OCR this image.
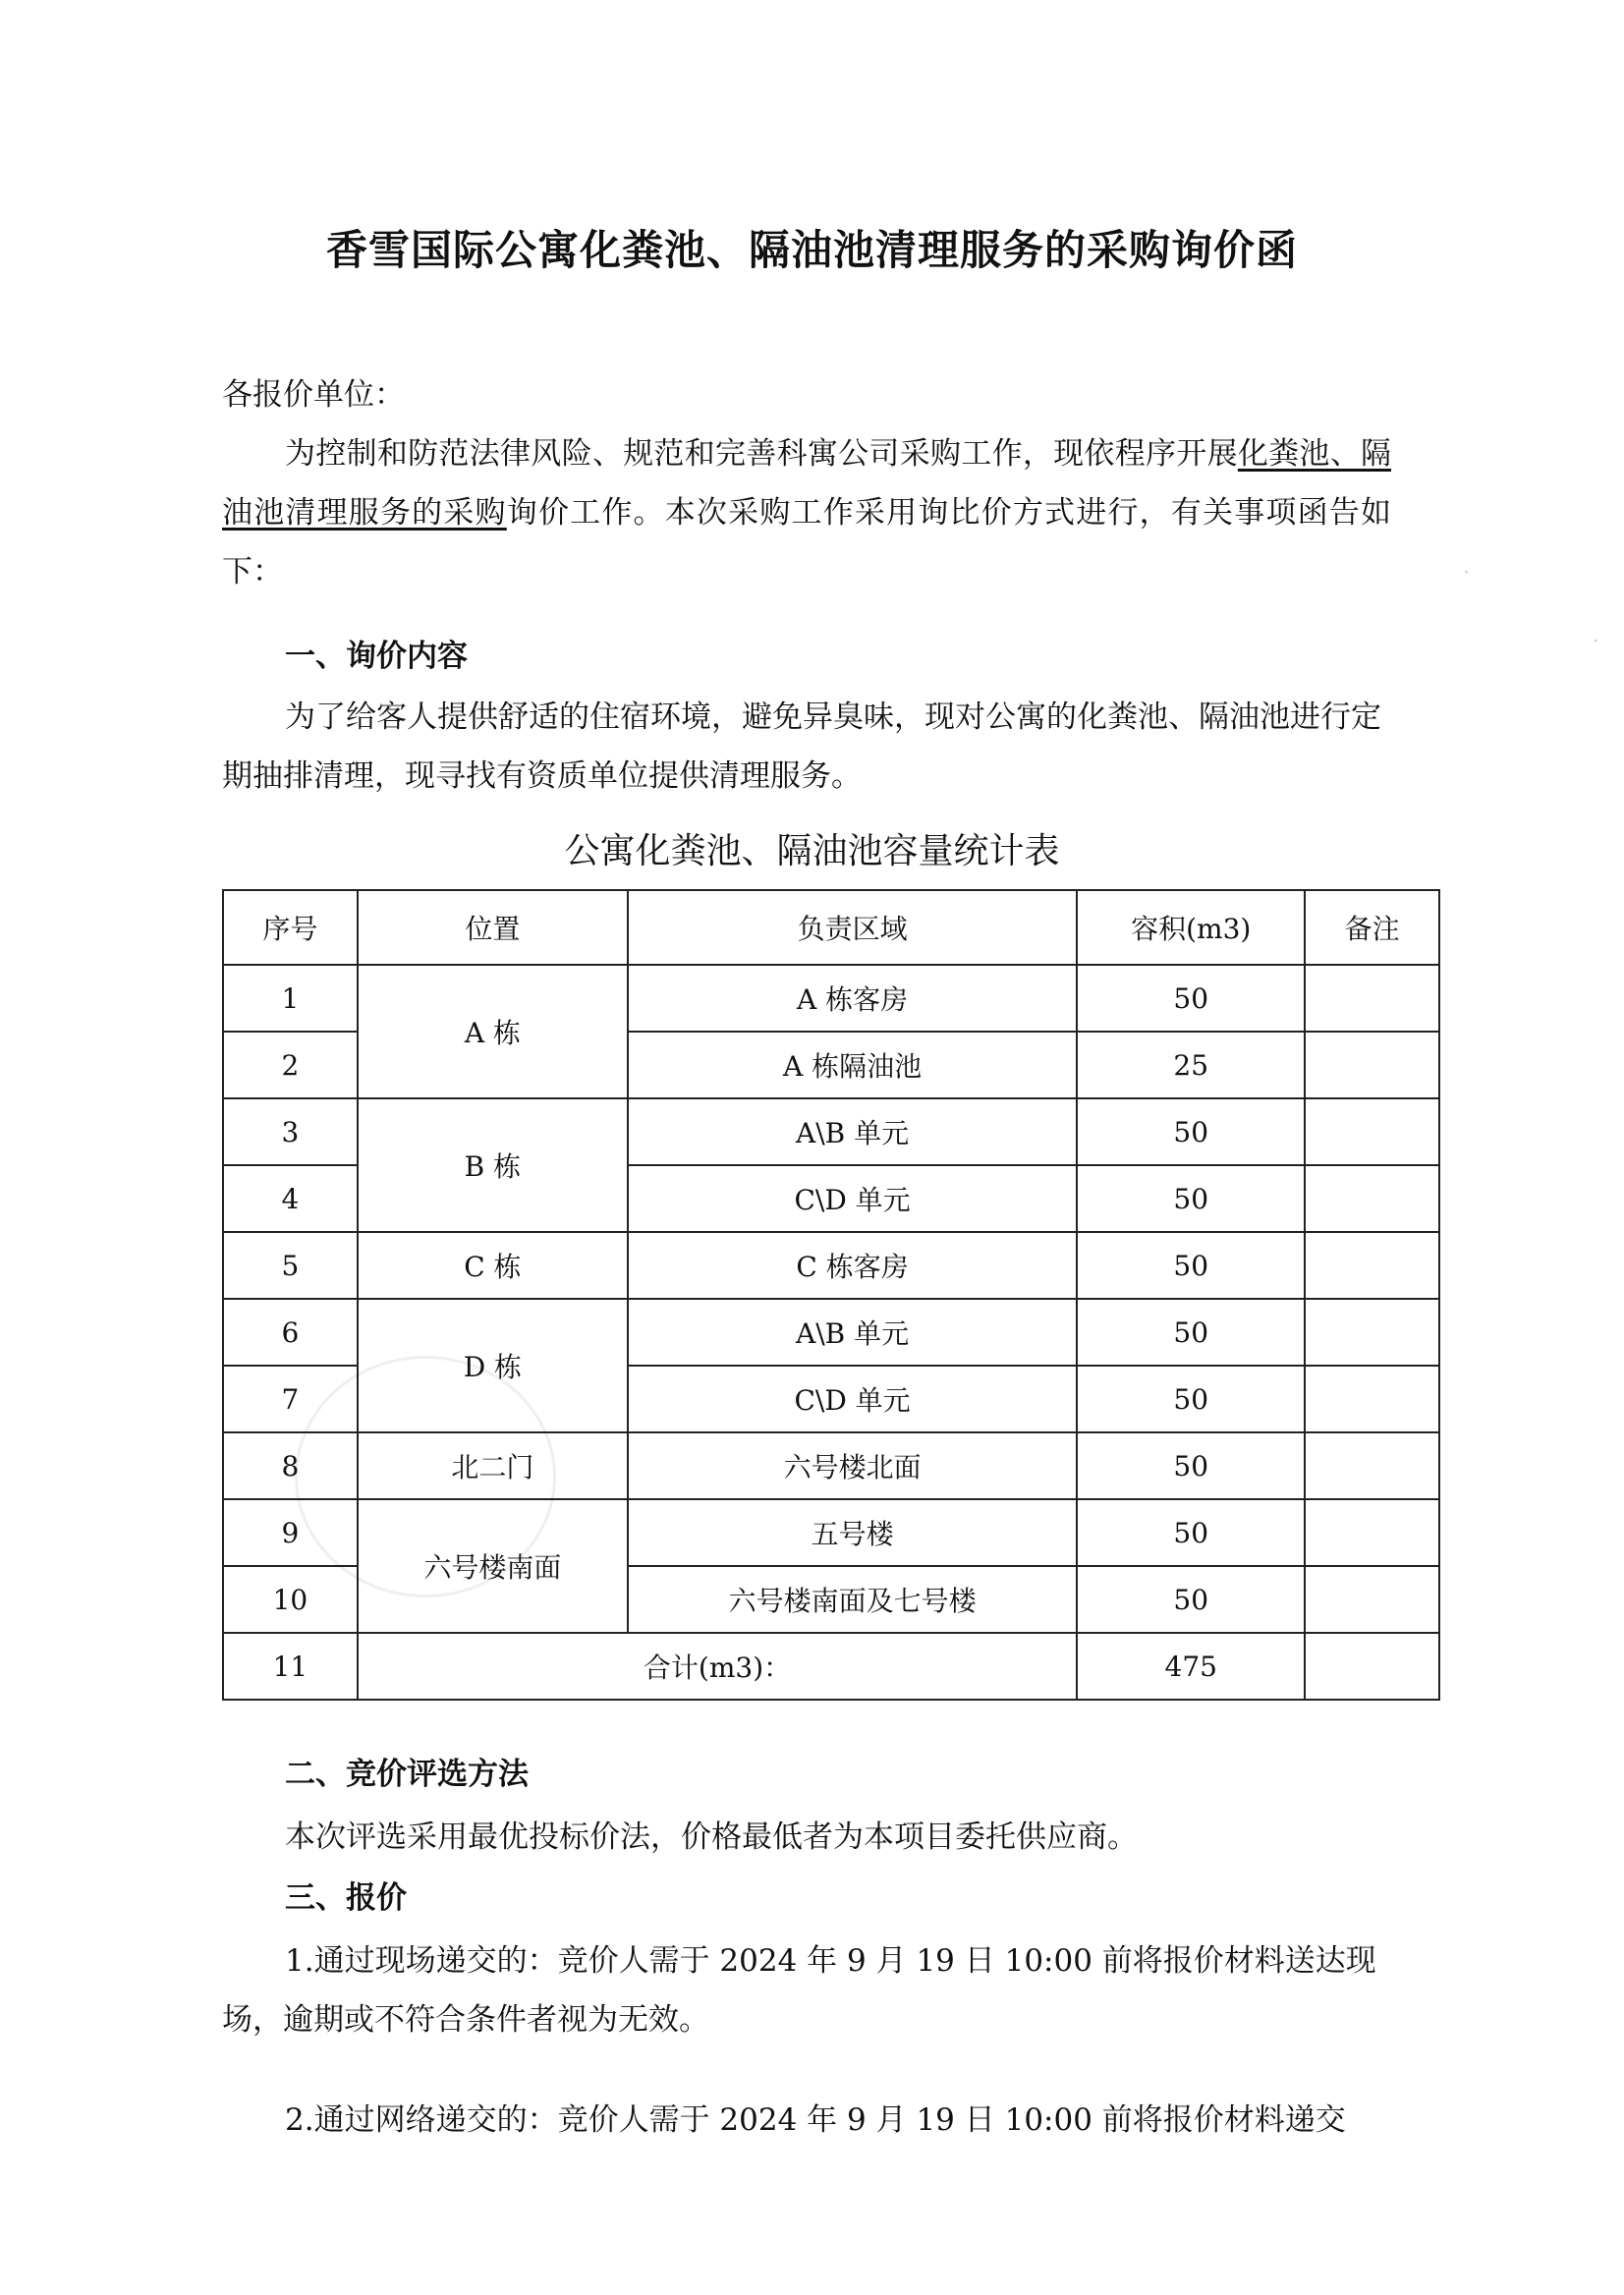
ˋ
ˊ
香雪国际公寓化粪池、隔油池清理服务的采购询价函
各报价单位：
为控制和防范法律风险、规范和完善科寓公司采购工作，现依程序开展化粪池、隔油池清理服务的采购询价工作。本次采购工作采用询比价方式进行，有关事项函告如下：
一、询价内容
为了给客人提供舒适的住宿环境，避免异臭味，现对公寓的化粪池、隔油池进行定期抽排清理，现寻找有资质单位提供清理服务。
公寓化粪池、隔油池容量统计表
序号	位置	负责区域	容积(m3)	备注
1	A 栋	A 栋客房	50	
2		A 栋隔油池	25	
3	B 栋	A\B 单元	50	
4		C\D 单元	50	
5	C 栋	C 栋客房	50	
6	D 栋	A\B 单元	50	
7		C\D 单元	50	
8	北二门	六号楼北面	50	
9	六号楼南面	五号楼	50	
10		六号楼南面及七号楼	50	
11	合计(m3)：		475	
二、竞价评选方法
本次评选采用最优投标价法，价格最低者为本项目委托供应商。
三、报价
1.通过现场递交的：竞价人需于 2024 年 9 月 19 日 10:00 前将报价材料送达现场，逾期或不符合条件者视为无效。
2.通过网络递交的：竞价人需于 2024 年 9 月 19 日 10:00 前将报价材料递交
